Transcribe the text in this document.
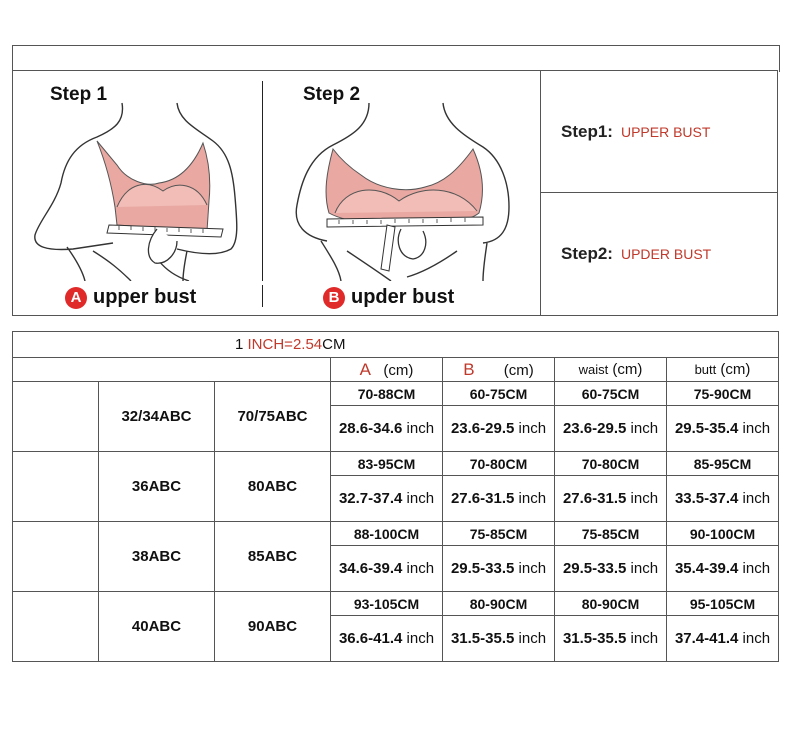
Step 1	Step 2
A upper bust	B upder bust
Step1: UPPER BUST
Step2: UPDER BUST
1 INCH=2.54CM						
			A (cm)	B (cm)	waist (cm)	butt (cm)
	32/34ABC	70/75ABC	70-88CM	60-75CM	60-75CM	75-90CM
			28.6-34.6 inch	23.6-29.5 inch	23.6-29.5 inch	29.5-35.4 inch
	36ABC	80ABC	83-95CM	70-80CM	70-80CM	85-95CM
			32.7-37.4 inch	27.6-31.5 inch	27.6-31.5 inch	33.5-37.4 inch
	38ABC	85ABC	88-100CM	75-85CM	75-85CM	90-100CM
			34.6-39.4 inch	29.5-33.5 inch	29.5-33.5 inch	35.4-39.4 inch
	40ABC	90ABC	93-105CM	80-90CM	80-90CM	95-105CM
			36.6-41.4 inch	31.5-35.5 inch	31.5-35.5 inch	37.4-41.4 inch
